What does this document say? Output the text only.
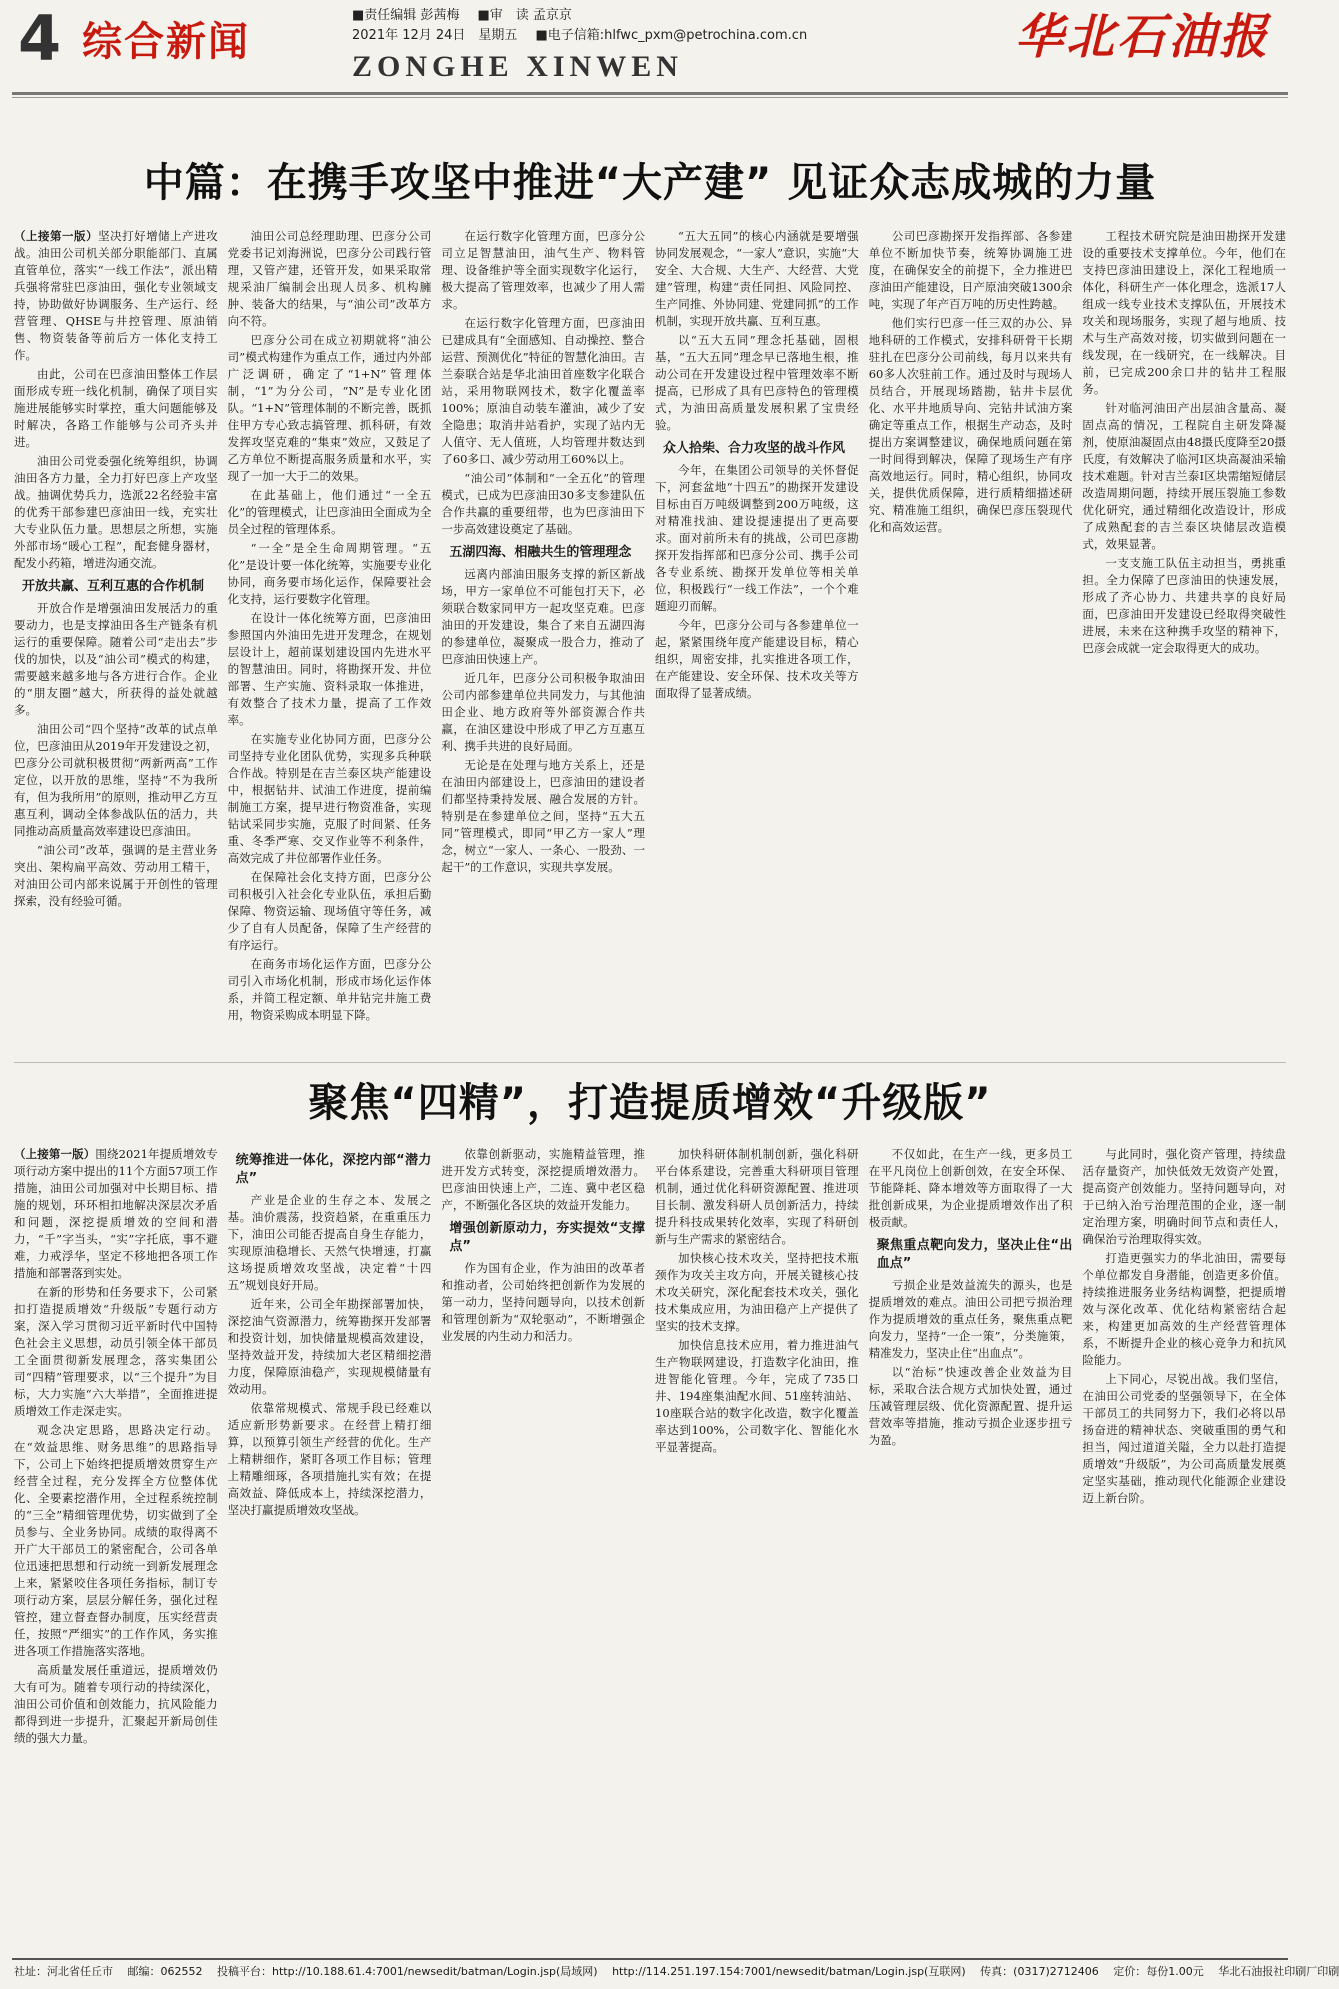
4 综合新闻
■责任编辑 彭茜梅 ■审　读 孟京京
2021年 12月 24日　星期五 ■电子信箱:hlfwc_pxm@petrochina.com.cn
ZONGHE XINWEN
华北石油报
中篇：在携手攻坚中推进“大产建” 见证众志成城的力量

（上接第一版）坚决打好增储上产进攻战。油田公司机关部分职能部门、直属直管单位，落实“一线工作法”，派出精兵强将常驻巴彦油田，强化专业领域支持，协助做好协调服务、生产运行、经营管理、QHSE与井控管理、原油销售、物资装备等前后方一体化支持工作。

由此，公司在巴彦油田整体工作层面形成专班一线化机制，确保了项目实施进展能够实时掌控，重大问题能够及时解决，各路工作能够与公司齐头并进。

油田公司党委强化统筹组织，协调油田各方力量，全力打好巴彦上产攻坚战。抽调优势兵力，选派22名经验丰富的优秀干部参建巴彦油田一线，充实壮大专业队伍力量。思想层之所想，实施外部市场“暖心工程”，配套健身器材，配发小药箱，增进沟通交流。

开放共赢、互利互惠的合作机制

开放合作是增强油田发展活力的重要动力，也是支撑油田各生产链条有机运行的重要保障。随着公司“走出去”步伐的加快，以及“油公司”模式的构建，需要越来越多地与各方进行合作。企业的“朋友圈”越大，所获得的益处就越多。

油田公司“四个坚持”改革的试点单位，巴彦油田从2019年开发建设之初，巴彦分公司就积极贯彻“两新两高”工作定位，以开放的思维，坚持“不为我所有，但为我所用”的原则，推动甲乙方互惠互利，调动全体参战队伍的活力，共同推动高质量高效率建设巴彦油田。

“油公司”改革，强调的是主营业务突出、架构扁平高效、劳动用工精干，对油田公司内部来说属于开创性的管理探索，没有经验可循。

油田公司总经理助理、巴彦分公司党委书记刘海洲说，巴彦分公司践行管理，又管产建，还管开发，如果采取常规采油厂编制会出现人员多、机构臃肿、装备大的结果，与“油公司”改革方向不符。

巴彦分公司在成立初期就将“油公司”模式构建作为重点工作，通过内外部广泛调研，确定了“1+N”管理体制，“1”为分公司，“N”是专业化团队。“1+N”管理体制的不断完善，既抓住甲方专心致志搞管理、抓科研，有效发挥攻坚克难的“集束”效应，又鼓足了乙方单位不断提高服务质量和水平，实现了一加一大于二的效果。

在此基础上，他们通过“一全五化”的管理模式，让巴彦油田全面成为全员全过程的管理体系。

“一全”是全生命周期管理。“五化”是设计要一体化统筹，实施要专业化协同，商务要市场化运作，保障要社会化支持，运行要数字化管理。

在设计一体化统筹方面，巴彦油田参照国内外油田先进开发理念，在规划层设计上，超前谋划建设国内先进水平的智慧油田。同时，将勘探开发、井位部署、生产实施、资料录取一体推进，有效整合了技术力量，提高了工作效率。

在实施专业化协同方面，巴彦分公司坚持专业化团队优势，实现多兵种联合作战。特别是在吉兰泰区块产能建设中，根据钻井、试油工作进度，提前编制施工方案，提早进行物资准备，实现钻试采同步实施，克服了时间紧、任务重、冬季严寒、交叉作业等不利条件，高效完成了井位部署作业任务。

在保障社会化支持方面，巴彦分公司积极引入社会化专业队伍，承担后勤保障、物资运输、现场值守等任务，减少了自有人员配备，保障了生产经营的有序运行。

在商务市场化运作方面，巴彦分公司引入市场化机制，形成市场化运作体系，并简工程定额、单井钻完井施工费用，物资采购成本明显下降。

在运行数字化管理方面，巴彦分公司立足智慧油田，油气生产、物料管理、设备维护等全面实现数字化运行，极大提高了管理效率，也减少了用人需求。

在运行数字化管理方面，巴彦油田已建成具有“全面感知、自动操控、整合运营、预测优化”特征的智慧化油田。吉兰泰联合站是华北油田首座数字化联合站，采用物联网技术，数字化覆盖率100%；原油自动装车灌油，减少了安全隐患；取消井站看护，实现了站内无人值守、无人值班，人均管理井数达到了60多口、减少劳动用工60%以上。

“油公司”体制和“一全五化”的管理模式，已成为巴彦油田30多支参建队伍合作共赢的重要纽带，也为巴彦油田下一步高效建设奠定了基础。

五湖四海、相融共生的管理理念

远离内部油田服务支撑的新区新战场，甲方一家单位不可能包打天下，必须联合数家同甲方一起攻坚克难。巴彦油田的开发建设，集合了来自五湖四海的参建单位，凝聚成一股合力，推动了巴彦油田快速上产。

近几年，巴彦分公司积极争取油田公司内部参建单位共同发力，与其他油田企业、地方政府等外部资源合作共赢，在油区建设中形成了甲乙方互惠互利、携手共进的良好局面。

无论是在处理与地方关系上，还是在油田内部建设上，巴彦油田的建设者们都坚持秉持发展、融合发展的方针。特别是在参建单位之间，坚持“五大五同”管理模式，即同“甲乙方一家人”理念，树立“一家人、一条心、一股劲、一起干”的工作意识，实现共享发展。

“五大五同”的核心内涵就是要增强协同发展观念，“一家人”意识，实施“大安全、大合规、大生产、大经营、大党建”管理，构建“责任同担、风险同控、生产同推、外协同建、党建同抓”的工作机制，实现开放共赢、互利互惠。

以“五大五同”理念托基础，固根基，“五大五同”理念早已落地生根，推动公司在开发建设过程中管理效率不断提高，已形成了具有巴彦特色的管理模式，为油田高质量发展积累了宝贵经验。

众人拾柴、合力攻坚的战斗作风

今年，在集团公司领导的关怀督促下，河套盆地“十四五”的勘探开发建设目标由百万吨级调整到200万吨级，这对精准找油、建设提速提出了更高要求。面对前所未有的挑战，公司巴彦勘探开发指挥部和巴彦分公司、携手公司各专业系统、勘探开发单位等相关单位，积极践行“一线工作法”，一个个难题迎刃而解。

今年，巴彦分公司与各参建单位一起，紧紧围绕年度产能建设目标，精心组织，周密安排，扎实推进各项工作，在产能建设、安全环保、技术攻关等方面取得了显著成绩。

公司巴彦勘探开发指挥部、各参建单位不断加快节奏，统筹协调施工进度，在确保安全的前提下，全力推进巴彦油田产能建设，日产原油突破1300余吨，实现了年产百万吨的历史性跨越。

他们实行巴彦一任三双的办公、异地科研的工作模式，安排科研骨干长期驻扎在巴彦分公司前线，每月以来共有60多人次驻前工作。通过及时与现场人员结合，开展现场踏勘，钻井卡层优化、水平井地质导向、完钻井试油方案确定等重点工作，根据生产动态，及时提出方案调整建议，确保地质问题在第一时间得到解决，保障了现场生产有序高效地运行。同时，精心组织，协同攻关，提供优质保障，进行质精细描述研究、精准施工组织，确保巴彦压裂现代化和高效运营。

工程技术研究院是油田勘探开发建设的重要技术支撑单位。今年，他们在支持巴彦油田建设上，深化工程地质一体化，科研生产一体化理念，选派17人组成一线专业技术支撑队伍，开展技术攻关和现场服务，实现了超与地质、技术与生产高效对接，切实做到问题在一线发现，在一线研究，在一线解决。目前，已完成200余口井的钻井工程服务。

针对临河油田产出层油含量高、凝固点高的情况，工程院自主研发降凝剂，使原油凝固点由48摄氏度降至20摄氏度，有效解决了临河I区块高凝油采输技术难题。针对吉兰泰I区块需缩短储层改造周期问题，持续开展压裂施工参数优化研究，通过精细化改造设计，形成了成熟配套的吉兰泰区块储层改造模式，效果显著。

一支支施工队伍主动担当，勇挑重担。全力保障了巴彦油田的快速发展，形成了齐心协力、共建共享的良好局面，巴彦油田开发建设已经取得突破性进展，未来在这种携手攻坚的精神下，巴彦会成就一定会取得更大的成功。

聚焦“四精”，打造提质增效“升级版”

（上接第一版）围绕2021年提质增效专项行动方案中提出的11个方面57项工作措施，油田公司加强对中长期目标、措施的规划，环环相扣地解决深层次矛盾和问题，深挖提质增效的空间和潜力，“千”字当头，“实”字托底，事不避难，力戒浮华，坚定不移地把各项工作措施和部署落到实处。

在新的形势和任务要求下，公司紧扣打造提质增效“升级版”专题行动方案，深入学习贯彻习近平新时代中国特色社会主义思想，动员引领全体干部员工全面贯彻新发展理念，落实集团公司“四精”管理要求，以“三个提升”为目标，大力实施“六大举措”，全面推进提质增效工作走深走实。

观念决定思路，思路决定行动。在“效益思维、财务思维”的思路指导下，公司上下始终把提质增效贯穿生产经营全过程，充分发挥全方位整体优化、全要素挖潜作用，全过程系统控制的“三全”精细管理优势，切实做到了全员参与、全业务协同。成绩的取得离不开广大干部员工的紧密配合，公司各单位迅速把思想和行动统一到新发展理念上来，紧紧咬住各项任务指标，制订专项行动方案，层层分解任务，强化过程管控，建立督查督办制度，压实经营责任，按照“严细实”的工作作风，务实推进各项工作措施落实落地。

高质量发展任重道远，提质增效仍大有可为。随着专项行动的持续深化，油田公司价值和创效能力，抗风险能力都得到进一步提升，汇聚起开新局创佳绩的强大力量。

统筹推进一体化，深挖内部“潜力点”

产业是企业的生存之本、发展之基。油价震荡，投资趋紧，在重重压力下，油田公司能否提高自身生存能力，实现原油稳增长、天然气快增速，打赢这场提质增效攻坚战，决定着“十四五”规划良好开局。

近年来，公司全年勘探部署加快，深挖油气资源潜力，统筹勘探开发部署和投资计划，加快储量规模高效建设，坚持效益开发，持续加大老区精细挖潜力度，保障原油稳产，实现规模储量有效动用。

依靠常规模式、常规手段已经难以适应新形势新要求。在经营上精打细算，以预算引领生产经营的优化。生产上精耕细作，紧盯各项工作目标；管理上精雕细琢，各项措施扎实有效；在提高效益、降低成本上，持续深挖潜力，坚决打赢提质增效攻坚战。

依靠创新驱动，实施精益管理，推进开发方式转变，深挖提质增效潜力。巴彦油田快速上产，二连、冀中老区稳产，不断强化各区块的效益开发能力。

增强创新原动力，夯实提效“支撑点”

作为国有企业，作为油田的改革者和推动者，公司始终把创新作为发展的第一动力，坚持问题导向，以技术创新和管理创新为“双轮驱动”，不断增强企业发展的内生动力和活力。

加快科研体制机制创新，强化科研平台体系建设，完善重大科研项目管理机制，通过优化科研资源配置、推进项目长制、激发科研人员创新活力，持续提升科技成果转化效率，实现了科研创新与生产需求的紧密结合。

加快核心技术攻关，坚持把技术瓶颈作为攻关主攻方向，开展关键核心技术攻关研究，深化配套技术攻关，强化技术集成应用，为油田稳产上产提供了坚实的技术支撑。

加快信息技术应用，着力推进油气生产物联网建设，打造数字化油田，推进智能化管理。今年，完成了735口井、194座集油配水间、51座转油站、10座联合站的数字化改造，数字化覆盖率达到100%，公司数字化、智能化水平显著提高。

不仅如此，在生产一线，更多员工在平凡岗位上创新创效，在安全环保、节能降耗、降本增效等方面取得了一大批创新成果，为企业提质增效作出了积极贡献。

聚焦重点靶向发力，坚决止住“出血点”

亏损企业是效益流失的源头，也是提质增效的难点。油田公司把亏损治理作为提质增效的重点任务，聚焦重点靶向发力，坚持“一企一策”，分类施策，精准发力，坚决止住“出血点”。

以“治标”快速改善企业效益为目标，采取合法合规方式加快处置，通过压减管理层级、优化资源配置、提升运营效率等措施，推动亏损企业逐步扭亏为盈。

与此同时，强化资产管理，持续盘活存量资产，加快低效无效资产处置，提高资产创效能力。坚持问题导向，对于已纳入治亏治理范围的企业，逐一制定治理方案，明确时间节点和责任人，确保治亏治理取得实效。

打造更强实力的华北油田，需要每个单位都发自身潜能，创造更多价值。持续推进服务业务结构调整，把提质增效与深化改革、优化结构紧密结合起来，构建更加高效的生产经营管理体系，不断提升企业的核心竞争力和抗风险能力。

上下同心，尽锐出战。我们坚信，在油田公司党委的坚强领导下，在全体干部员工的共同努力下，我们必将以昂扬奋进的精神状态、突破重围的勇气和担当，闯过道道关隘，全力以赴打造提质增效“升级版”，为公司高质量发展奠定坚实基础，推动现代化能源企业建设迈上新台阶。

社址：河北省任丘市　 邮编：062552　 投稿平台：http://10.188.61.4:7001/newsedit/batman/Login.jsp(局域网)　 http://114.251.197.154:7001/newsedit/batman/Login.jsp(互联网)　 传真：(0317)2712406　 定价：每份1.00元　 华北石油报社印刷厂印刷
